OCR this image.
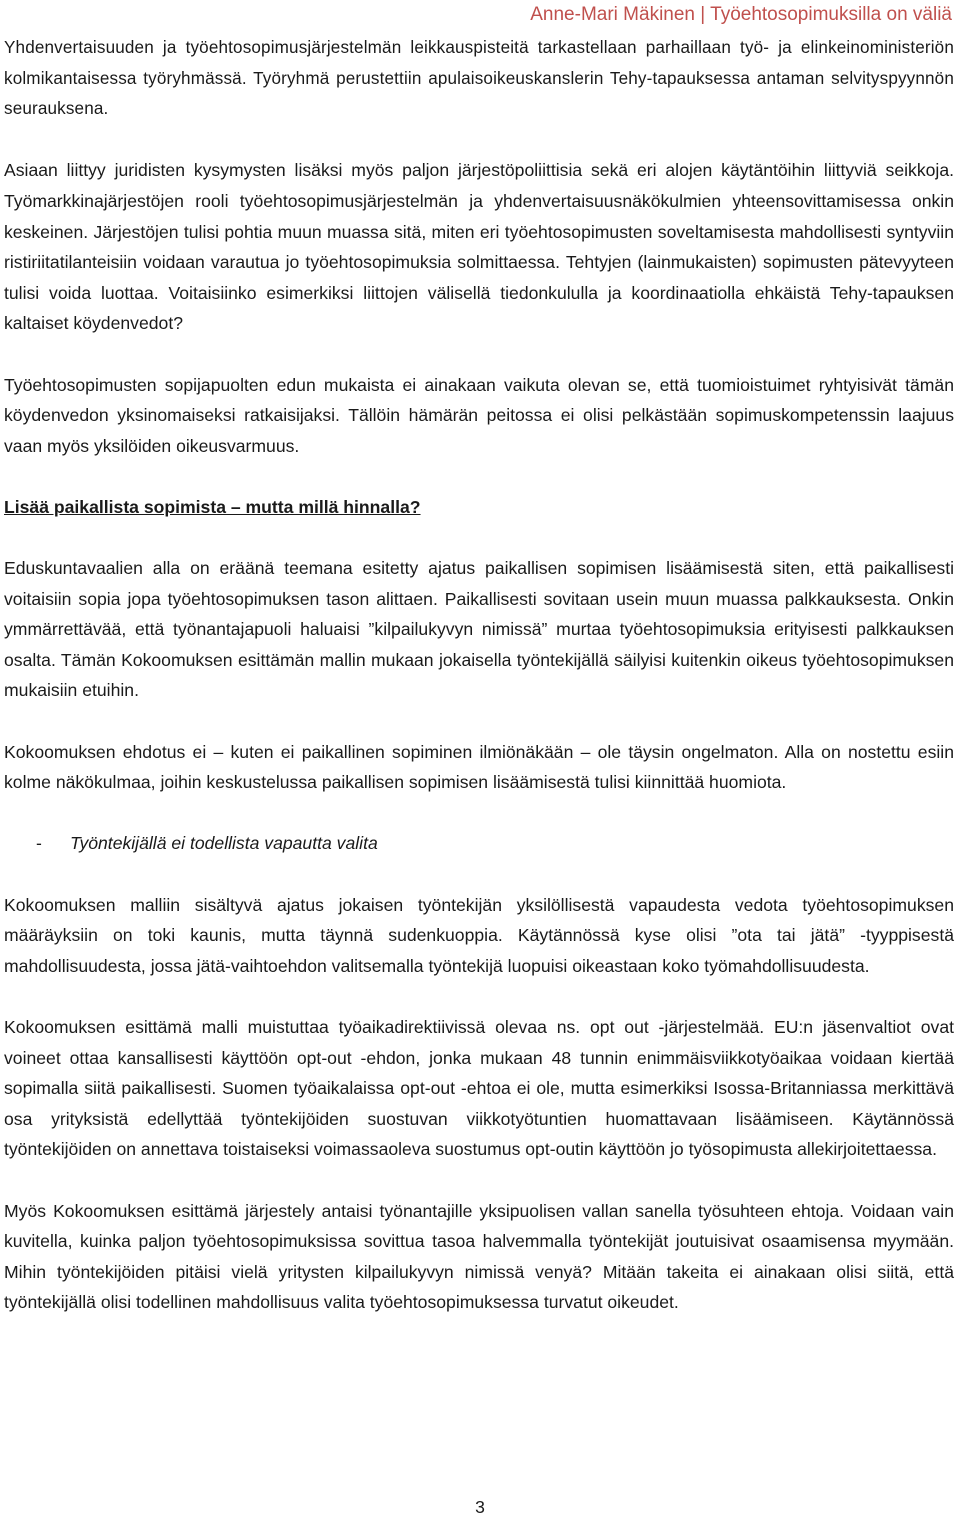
Anne-Mari Mäkinen | Työehtosopimuksilla on väliä

Yhdenvertaisuuden ja työehtosopimusjärjestelmän leikkauspisteitä tarkastellaan parhaillaan työ- ja elinkeinoministeriön kolmikantaisessa työryhmässä. Työryhmä perustettiin apulaisoikeuskanslerin Tehy-tapauksessa antaman selvityspyynnön seurauksena.

Asiaan liittyy juridisten kysymysten lisäksi myös paljon järjestöpoliittisia sekä eri alojen käytäntöihin liittyviä seikkoja. Työmarkkinajärjestöjen rooli työehtosopimusjärjestelmän ja yhdenvertaisuusnäkökulmien yhteensovittamisessa onkin keskeinen. Järjestöjen tulisi pohtia muun muassa sitä, miten eri työehtosopimusten soveltamisesta mahdollisesti syntyviin ristiriitatilanteisiin voidaan varautua jo työehtosopimuksia solmittaessa. Tehtyjen (lainmukaisten) sopimusten pätevyyteen tulisi voida luottaa. Voitaisiinko esimerkiksi liittojen välisellä tiedonkululla ja koordinaatiolla ehkäistä Tehy-tapauksen kaltaiset köydenvedot?

Työehtosopimusten sopijapuolten edun mukaista ei ainakaan vaikuta olevan se, että tuomioistuimet ryhtyisivät tämän köydenvedon yksinomaiseksi ratkaisijaksi. Tällöin hämärän peitossa ei olisi pelkästään sopimuskompetenssin laajuus vaan myös yksilöiden oikeusvarmuus.

Lisää paikallista sopimista – mutta millä hinnalla?

Eduskuntavaalien alla on eräänä teemana esitetty ajatus paikallisen sopimisen lisäämisestä siten, että paikallisesti voitaisiin sopia jopa työehtosopimuksen tason alittaen. Paikallisesti sovitaan usein muun muassa palkkauksesta. Onkin ymmärrettävää, että työnantajapuoli haluaisi ”kilpailukyvyn nimissä” murtaa työehtosopimuksia erityisesti palkkauksen osalta. Tämän Kokoomuksen esittämän mallin mukaan jokaisella työntekijällä säilyisi kuitenkin oikeus työehtosopimuksen mukaisiin etuihin.

Kokoomuksen ehdotus ei – kuten ei paikallinen sopiminen ilmiönäkään – ole täysin ongelmaton. Alla on nostettu esiin kolme näkökulmaa, joihin keskustelussa paikallisen sopimisen lisäämisestä tulisi kiinnittää huomiota.

-	Työntekijällä ei todellista vapautta valita

Kokoomuksen malliin sisältyvä ajatus jokaisen työntekijän yksilöllisestä vapaudesta vedota työehtosopimuksen määräyksiin on toki kaunis, mutta täynnä sudenkuoppia. Käytännössä kyse olisi ”ota tai jätä” -tyyppisestä mahdollisuudesta, jossa jätä-vaihtoehdon valitsemalla työntekijä luopuisi oikeastaan koko työmahdollisuudesta.

Kokoomuksen esittämä malli muistuttaa työaikadirektiivissä olevaa ns. opt out -järjestelmää. EU:n jäsenvaltiot ovat voineet ottaa kansallisesti käyttöön opt-out -ehdon, jonka mukaan 48 tunnin enimmäisviikkotyöaikaa voidaan kiertää sopimalla siitä paikallisesti. Suomen työaikalaissa opt-out -ehtoa ei ole, mutta esimerkiksi Isossa-Britanniassa merkittävä osa yrityksistä edellyttää työntekijöiden suostuvan viikkotyötuntien huomattavaan lisäämiseen. Käytännössä työntekijöiden on annettava toistaiseksi voimassaoleva suostumus opt-outin käyttöön jo työsopimusta allekirjoitettaessa.

Myös Kokoomuksen esittämä järjestely antaisi työnantajille yksipuolisen vallan sanella työsuhteen ehtoja. Voidaan vain kuvitella, kuinka paljon työehtosopimuksissa sovittua tasoa halvemmalla työntekijät joutuisivat osaamisensa myymään. Mihin työntekijöiden pitäisi vielä yritysten kilpailukyvyn nimissä venyä? Mitään takeita ei ainakaan olisi siitä, että työntekijällä olisi todellinen mahdollisuus valita työehtosopimuksessa turvatut oikeudet.

3
